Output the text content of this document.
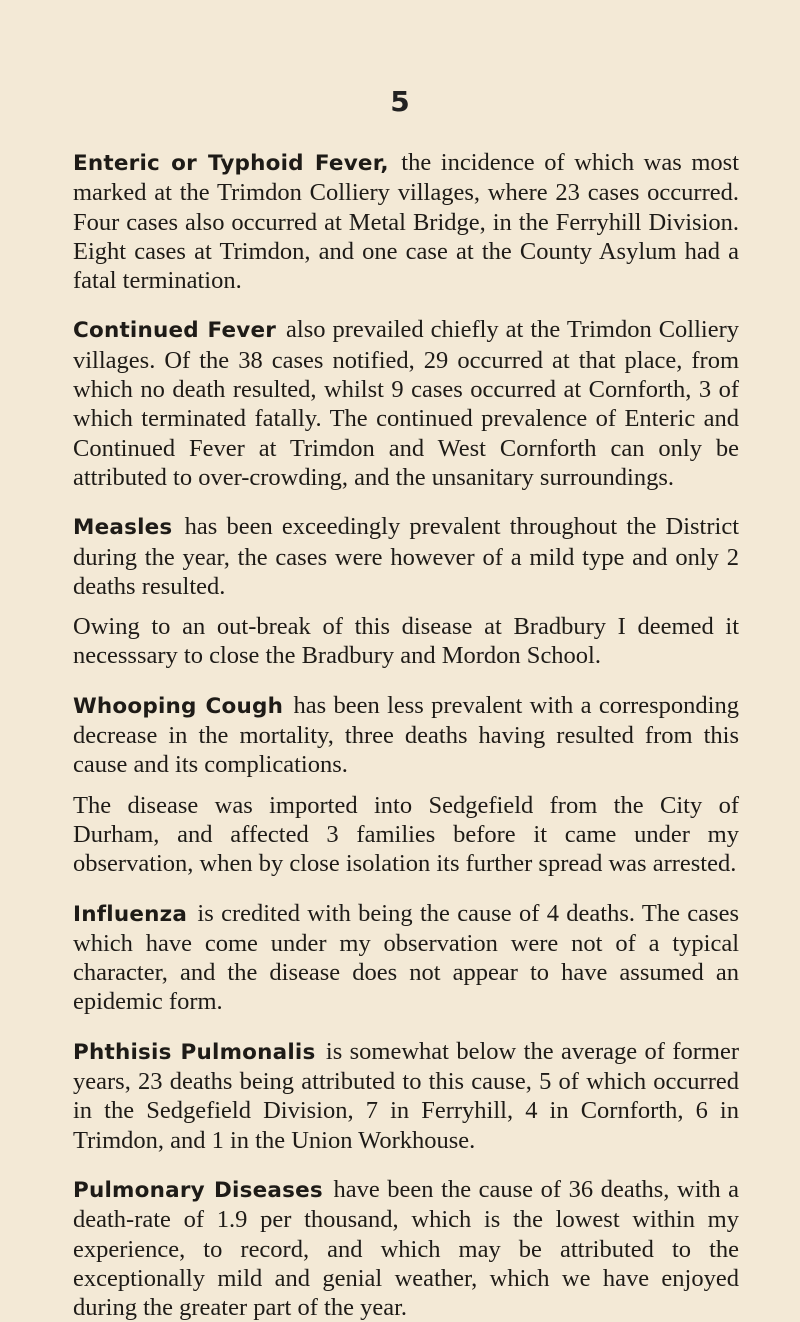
5

Enteric or Typhoid Fever, the incidence of which was most marked at the Trimdon Colliery villages, where 23 cases occurred. Four cases also occurred at Metal Bridge, in the Ferryhill Division. Eight cases at Trimdon, and one case at the County Asylum had a fatal termination.

Continued Fever also prevailed chiefly at the Trimdon Colliery villages. Of the 38 cases notified, 29 occurred at that place, from which no death resulted, whilst 9 cases occurred at Cornforth, 3 of which terminated fatally. The continued prevalence of Enteric and Continued Fever at Trimdon and West Cornforth can only be attributed to over-crowding, and the unsanitary surroundings.

Measles has been exceedingly prevalent throughout the District during the year, the cases were however of a mild type and only 2 deaths resulted.

Owing to an out-break of this disease at Bradbury I deemed it necesssary to close the Bradbury and Mordon School.

Whooping Cough has been less prevalent with a corresponding decrease in the mortality, three deaths having resulted from this cause and its complications.

The disease was imported into Sedgefield from the City of Durham, and affected 3 families before it came under my observation, when by close isolation its further spread was arrested.

Influenza is credited with being the cause of 4 deaths. The cases which have come under my observation were not of a typical character, and the disease does not appear to have assumed an epidemic form.

Phthisis Pulmonalis is somewhat below the average of former years, 23 deaths being attributed to this cause, 5 of which occurred in the Sedgefield Division, 7 in Ferryhill, 4 in Cornforth, 6 in Trimdon, and 1 in the Union Workhouse.

Pulmonary Diseases have been the cause of 36 deaths, with a death-rate of 1.9 per thousand, which is the lowest within my experience, to record, and which may be attributed to the exceptionally mild and genial weather, which we have enjoyed during the greater part of the year.
